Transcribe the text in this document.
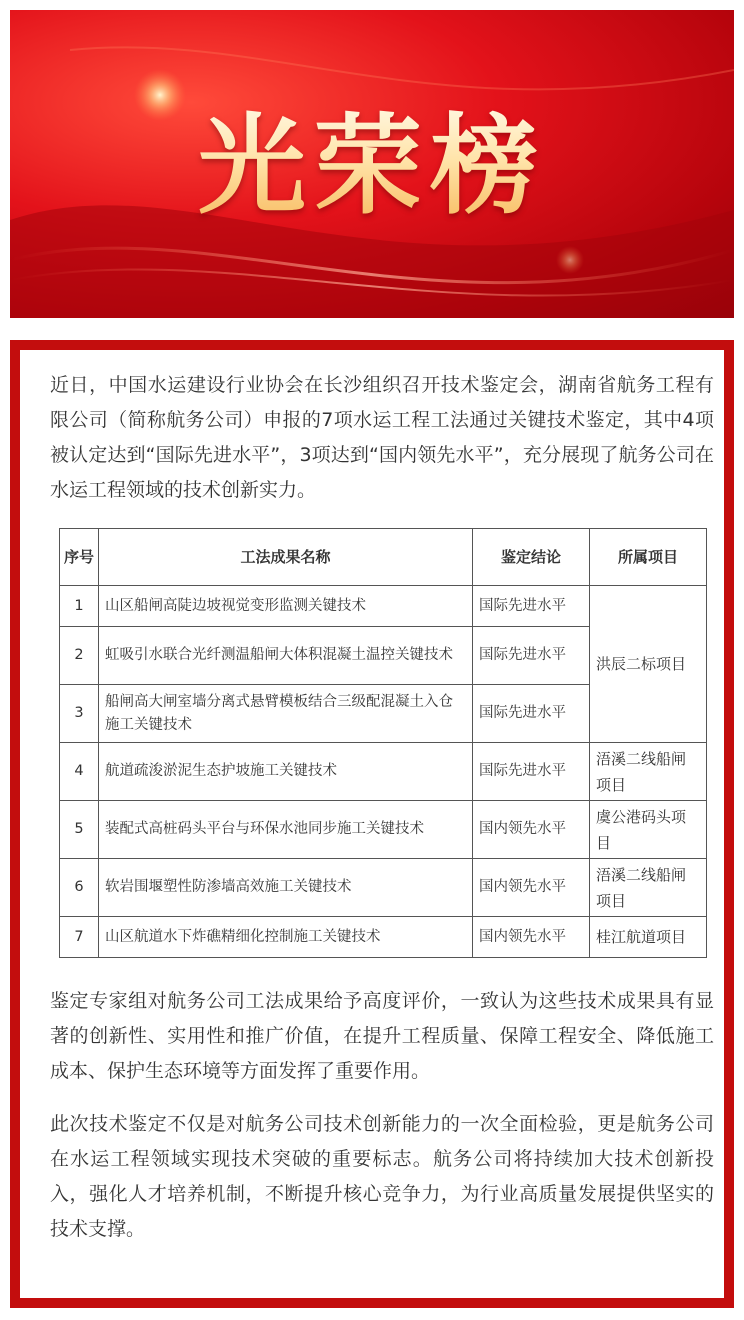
光荣榜

近日，中国水运建设行业协会在长沙组织召开技术鉴定会，湖南省航务工程有限公司（简称航务公司）申报的7项水运工程工法通过关键技术鉴定，其中4项被认定达到“国际先进水平”，3项达到“国内领先水平”，充分展现了航务公司在水运工程领域的技术创新实力。

序号	工法成果名称	鉴定结论	所属项目
1	山区船闸高陡边坡视觉变形监测关键技术	国际先进水平	洪辰二标项目
2	虹吸引水联合光纤测温船闸大体积混凝土温控关键技术	国际先进水平	
3	船闸高大闸室墙分离式悬臂模板结合三级配混凝土入仓施工关键技术	国际先进水平	
4	航道疏浚淤泥生态护坡施工关键技术	国际先进水平	浯溪二线船闸项目
5	装配式高桩码头平台与环保水池同步施工关键技术	国内领先水平	虞公港码头项目
6	软岩围堰塑性防渗墙高效施工关键技术	国内领先水平	浯溪二线船闸项目
7	山区航道水下炸礁精细化控制施工关键技术	国内领先水平	桂江航道项目

鉴定专家组对航务公司工法成果给予高度评价，一致认为这些技术成果具有显著的创新性、实用性和推广价值，在提升工程质量、保障工程安全、降低施工成本、保护生态环境等方面发挥了重要作用。

此次技术鉴定不仅是对航务公司技术创新能力的一次全面检验，更是航务公司在水运工程领域实现技术突破的重要标志。航务公司将持续加大技术创新投入，强化人才培养机制，不断提升核心竞争力，为行业高质量发展提供坚实的技术支撑。
